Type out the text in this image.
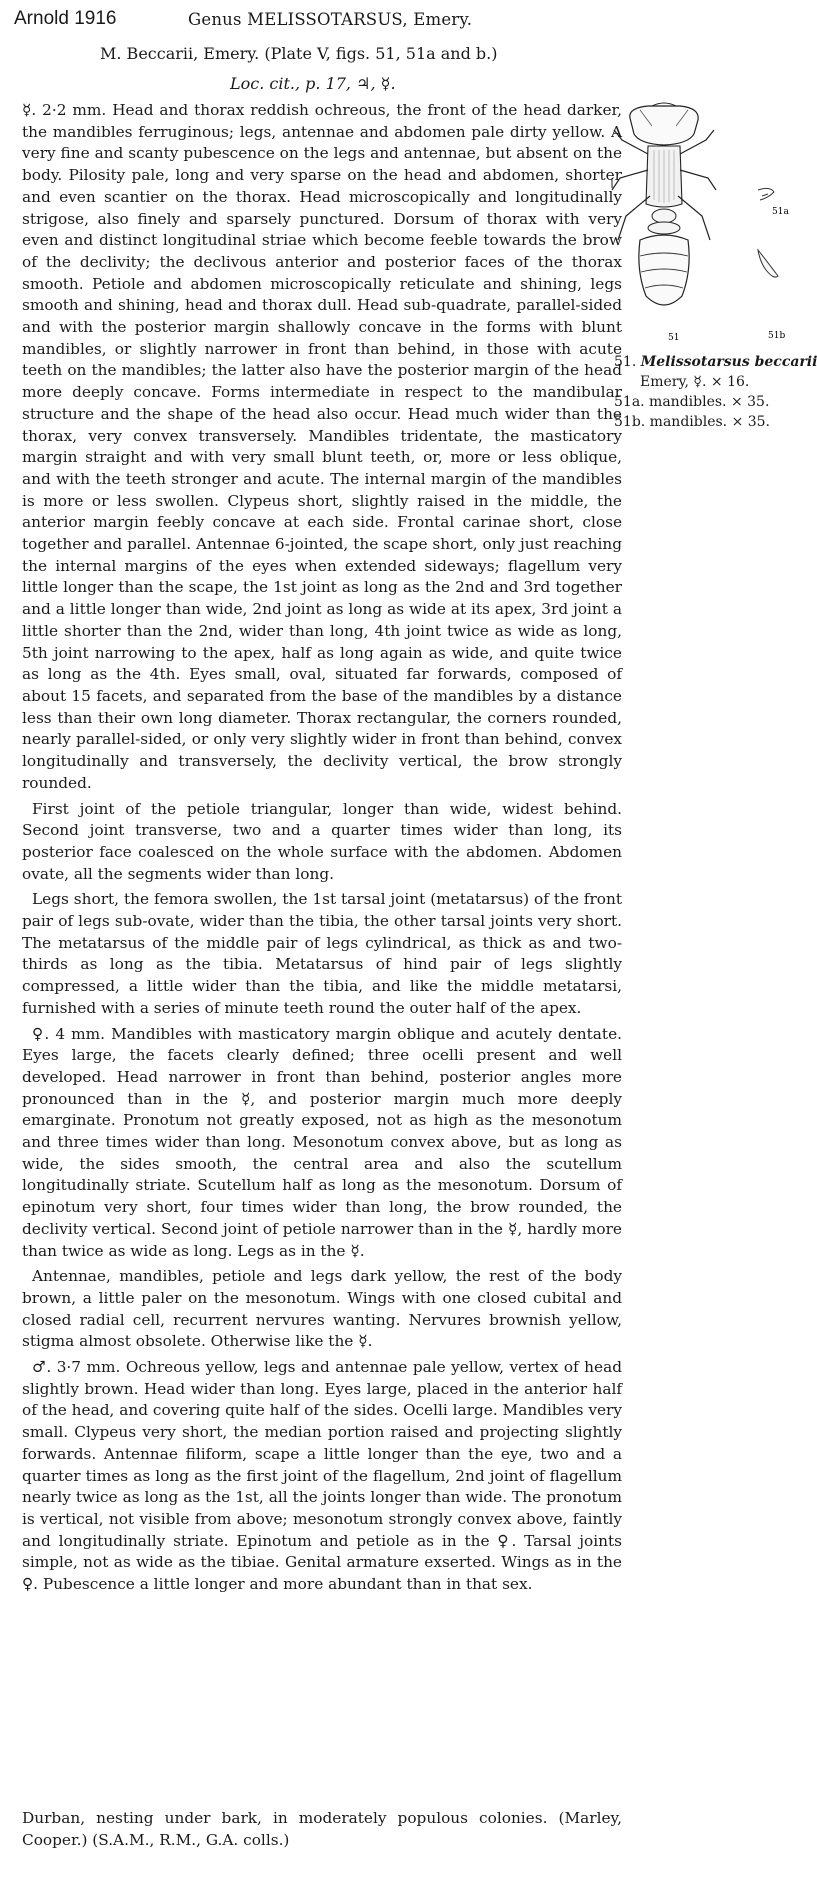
Arnold 1916	Genus MELISSOTARSUS, Emery.
M. Beccarii, Emery. (Plate V, figs. 51, 51a and b.)
Loc. cit., p. 17, ♃, ☿.

☿. 2·2 mm. Head and thorax reddish ochreous, the front of the head darker, the mandibles ferruginous; legs, antennae and abdomen pale dirty yellow. A very fine and scanty pubescence on the legs and antennae, but absent on the body. Pilosity pale, long and very sparse on the head and abdomen, shorter and even scantier on the thorax. Head microscopically and longitudinally strigose, also finely and sparsely punctured. Dorsum of thorax with very even and distinct longitudinal striae which become feeble towards the brow of the declivity; the declivous anterior and posterior faces of the thorax smooth. Petiole and abdomen microscopically reticulate and shining, legs smooth and shining, head and thorax dull. Head sub-quadrate, parallel-sided and with the posterior margin shallowly concave in the forms with blunt mandibles, or slightly narrower in front than behind, in those with acute teeth on the mandibles; the latter also have the posterior margin of the head more deeply concave. Forms intermediate in respect to the mandibular structure and the shape of the head also occur. Head much wider than the thorax, very convex transversely. Mandibles tridentate, the masticatory margin straight and with very small blunt teeth, or, more or less oblique, and with the teeth stronger and acute. The internal margin of the mandibles is more or less swollen. Clypeus short, slightly raised in the middle, the anterior margin feebly concave at each side. Frontal carinae short, close together and parallel. Antennae 6-jointed, the scape short, only just reaching the internal margins of the eyes when extended sideways; flagellum very little longer than the scape, the 1st joint as long as the 2nd and 3rd together and a little longer than wide, 2nd joint as long as wide at its apex, 3rd joint a little shorter than the 2nd, wider than long, 4th joint twice as wide as long, 5th joint narrowing to the apex, half as long again as wide, and quite twice as long as the 4th. Eyes small, oval, situated far forwards, composed of about 15 facets, and separated from the base of the mandibles by a distance less than their own long diameter. Thorax rectangular, the corners rounded, nearly parallel-sided, or only very slightly wider in front than behind, convex longitudinally and transversely, the declivity vertical, the brow strongly rounded.

First joint of the petiole triangular, longer than wide, widest behind. Second joint transverse, two and a quarter times wider than long, its posterior face coalesced on the whole surface with the abdomen. Abdomen ovate, all the segments wider than long.

Legs short, the femora swollen, the 1st tarsal joint (metatarsus) of the front pair of legs sub-ovate, wider than the tibia, the other tarsal joints very short. The metatarsus of the middle pair of legs cylindrical, as thick as and two-thirds as long as the tibia. Metatarsus of hind pair of legs slightly compressed, a little wider than the tibia, and like the middle metatarsi, furnished with a series of minute teeth round the outer half of the apex.

♀. 4 mm. Mandibles with masticatory margin oblique and acutely dentate. Eyes large, the facets clearly defined; three ocelli present and well developed. Head narrower in front than behind, posterior angles more pronounced than in the ☿, and posterior margin much more deeply emarginate. Pronotum not greatly exposed, not as high as the mesonotum and three times wider than long. Mesonotum convex above, but as long as wide, the sides smooth, the central area and also the scutellum longitudinally striate. Scutellum half as long as the mesonotum. Dorsum of epinotum very short, four times wider than long, the brow rounded, the declivity vertical. Second joint of petiole narrower than in the ☿, hardly more than twice as wide as long. Legs as in the ☿.

Antennae, mandibles, petiole and legs dark yellow, the rest of the body brown, a little paler on the mesonotum. Wings with one closed cubital and closed radial cell, recurrent nervures wanting. Nervures brownish yellow, stigma almost obsolete. Otherwise like the ☿.

♂. 3·7 mm. Ochreous yellow, legs and antennae pale yellow, vertex of head slightly brown. Head wider than long. Eyes large, placed in the anterior half of the head, and covering quite half of the sides. Ocelli large. Mandibles very small. Clypeus very short, the median portion raised and projecting slightly forwards. Antennae filiform, scape a little longer than the eye, two and a quarter times as long as the first joint of the flagellum, 2nd joint of flagellum nearly twice as long as the 1st, all the joints longer than wide. The pronotum is vertical, not visible from above; mesonotum strongly convex above, faintly and longitudinally striate. Epinotum and petiole as in the ♀. Tarsal joints simple, not as wide as the tibiae. Genital armature exserted. Wings as in the ♀. Pubescence a little longer and more abundant than in that sex.

Durban, nesting under bark, in moderately populous colonies. (Marley, Cooper.) (S.A.M., R.M., G.A. colls.)
51a
51	51b
51. Melissotarsus beccarii
Emery, ☿. × 16.
51a. mandibles. × 35.
51b. mandibles. × 35.
